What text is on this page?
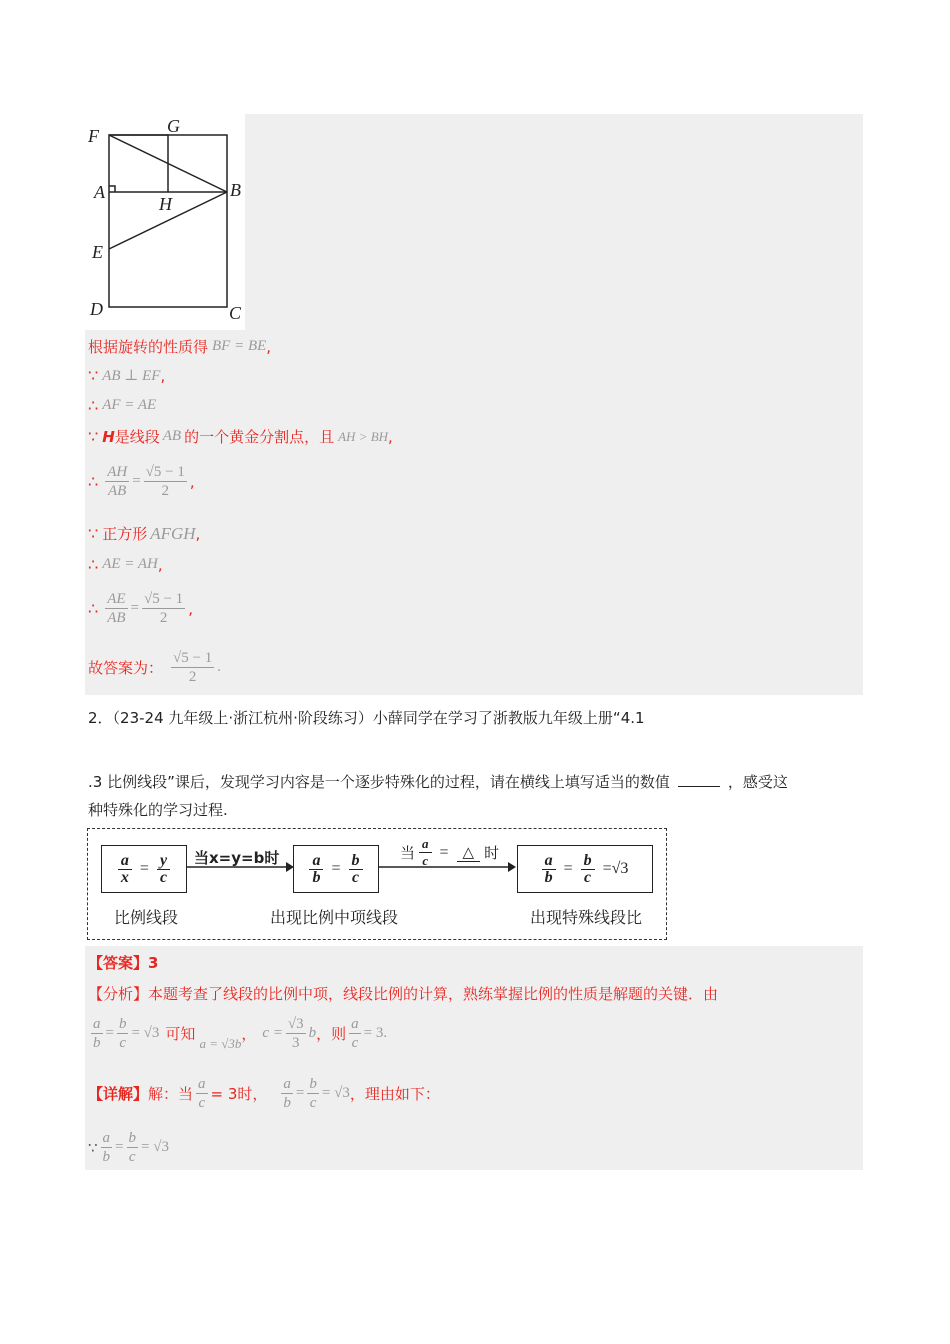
F	G
A
H
B
E
D	C
根据旋转的性质得 BF = BE ,
∵ AB ⊥ EF ,
∴ AF = AE
∵ H 是线段 AB 的一个黄金分割点，且 AH > BH ,
∴ $\frac{AH}{AB} = \frac{√5 - 1}{2}$ ,
∵ 正方形 AFGH ,
∴ AE = AH ,
∴ $\frac{AE}{AB} = \frac{√5 - 1}{2}$ ,
故答案为： $\frac{√5 - 1}{2}$ .
2．（23-24 九年级上·浙江杭州·阶段练习）小薛同学在学习了浙教版九年级上册“4.1
.3 比例线段”课后，发现学习内容是一个逐步特殊化的过程，请在横线上填写适当的数值	，感受这
种特殊化的学习过程.
$\frac{a}{x} = \frac{y}{c}$ 当x=y=b时 $\frac{a}{b} = \frac{b}{c}$ 当 $\frac{a}{c}$ = △ 时	$\frac{a}{b} = \frac{b}{c} =√3$
比例线段	出现比例中项线段	出现特殊线段比
【答案】3
【分析】本题考查了线段的比例中项，线段比例的计算，熟练掌握比例的性质是解题的关键．由
$\frac{a}{b} = \frac{b}{c} = √3$ 可知
a = √3b
， $c = \frac{√3}{3}$ b ，则 $\frac{a}{c} = 3$.
【详解】 解：当 $\frac{a}{c} = 3$时， $\frac{a}{b} = \frac{b}{c} = √3$ ，理由如下：
∵ $\frac{a}{b} = \frac{b}{c} = √3$
